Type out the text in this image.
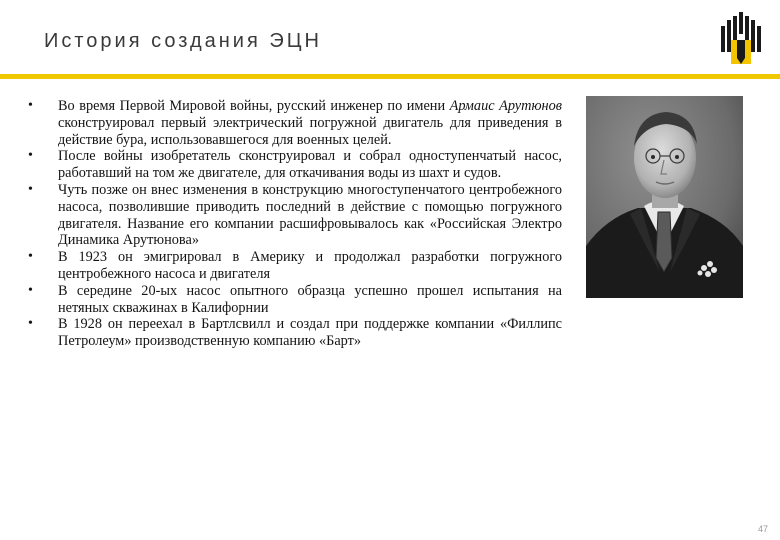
История создания ЭЦН
• Во время Первой Мировой войны, русский инженер по имени Армаис Арутюнов сконструировал первый электрический погружной двигатель для приведения в действие бура, использовавшегося для военных целей.
• После войны изобретатель сконструировал и собрал одноступенчатый насос, работавший на том же двигателе, для откачивания воды из шахт и судов.
• Чуть позже он внес изменения в конструкцию многоступенчатого центробежного насоса, позволившие приводить последний в действие с помощью погружного двигателя. Название его компании расшифровывалось как «Российская Электро Динамика Арутюнова»
• В 1923 он эмигрировал в Америку и продолжал разработки погружного центробежного насоса и двигателя
• В середине 20-ых насос опытного образца успешно прошел испытания на нетяных скважинах в Калифорнии
• В 1928 он переехал в Бартлсвилл и создал при поддержке компании «Филлипс Петролеум» производственную компанию «Барт»
47
